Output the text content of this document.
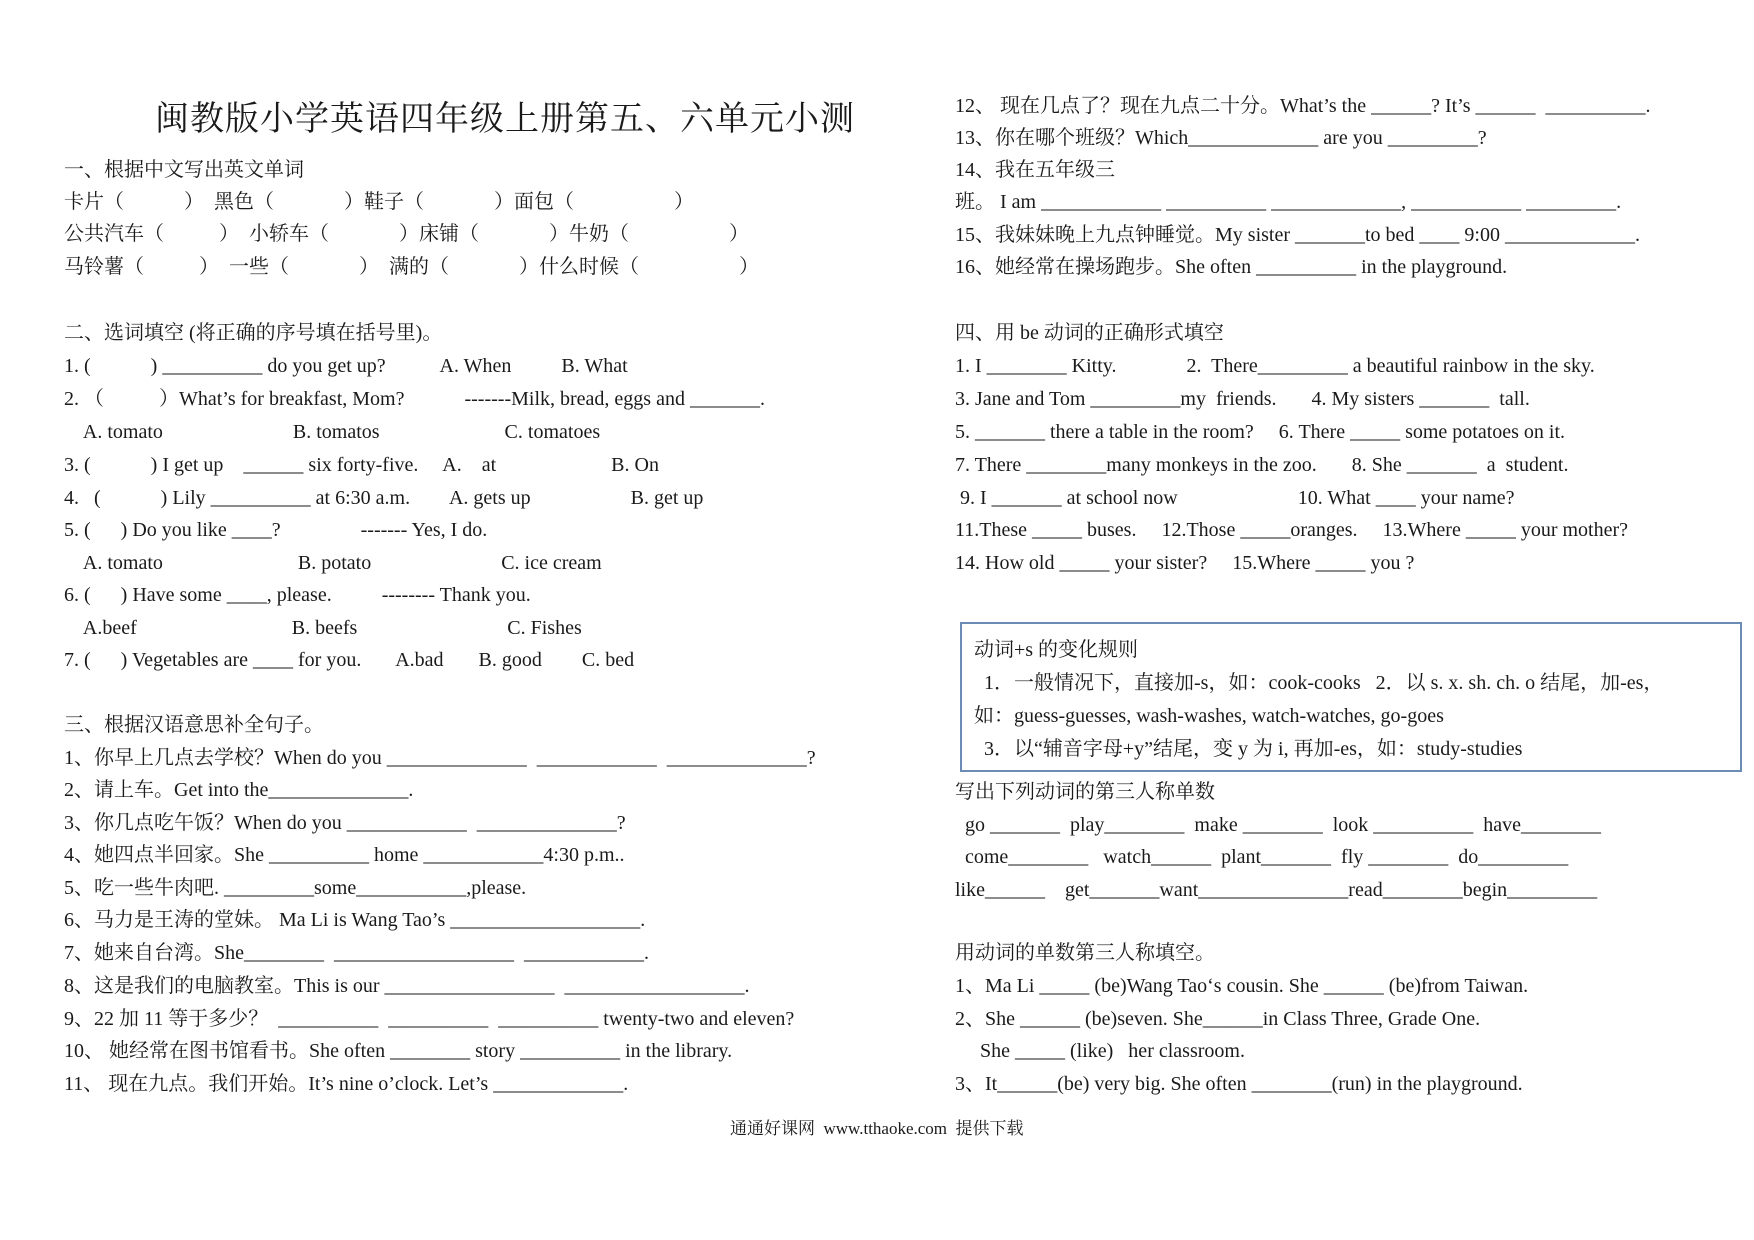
闽教版小学英语四年级上册第五、六单元小测
一、根据中文写出英文单词
卡片（            ）  黑色（              ）鞋子（              ）面包（                    ）
公共汽车（           ）  小轿车（              ）床铺（              ）牛奶（                    ）
马铃薯（           ）  一些（              ）  满的（              ）什么时候（                    ）
二、选词填空 (将正确的序号填在括号里)。
1. (            ) __________ do you get up?           A. When          B. What
2. （           ）What’s for breakfast, Mom?            -------Milk, bread, eggs and _______.
A. tomato                          B. tomatos                         C. tomatoes
3. (            ) I get up    ______ six forty-five.     A.    at                       B. On
4.   (            ) Lily __________ at 6:30 a.m.        A. gets up                    B. get up
5. (      ) Do you like ____?                ------- Yes, I do.
A. tomato                           B. potato                          C. ice cream
6. (      ) Have some ____, please.          -------- Thank you.
A.beef                               B. beefs                              C. Fishes
7. (      ) Vegetables are ____ for you.       A.bad       B. good        C. bed
三、根据汉语意思补全句子。
1、你早上几点去学校？When do you ______________  ____________  ______________?
2、请上车。Get into the______________.
3、你几点吃午饭？When do you ____________  ______________?
4、她四点半回家。She __________ home ____________4:30 p.m..
5、吃一些牛肉吧. _________some___________,please.
6、马力是王涛的堂妹。 Ma Li is Wang Tao’s ___________________.
7、她来自台湾。She________  __________________  ____________.
8、这是我们的电脑教室。This is our _________________  __________________.
9、22 加 11 等于多少？  __________  __________  __________ twenty-two and eleven?
10、 她经常在图书馆看书。She often ________ story __________ in the library.
11、 现在九点。我们开始。It’s nine o’clock. Let’s _____________.
12、 现在几点了？现在九点二十分。What’s the ______? It’s ______  __________.
13、你在哪个班级？Which_____________ are you _________?
14、我在五年级三
班。 I am ____________ __________ _____________, ___________ _________.
15、我妹妹晚上九点钟睡觉。My sister _______to bed ____ 9:00 _____________.
16、她经常在操场跑步。She often __________ in the playground.
四、用 be 动词的正确形式填空
1. I ________ Kitty.              2.  There_________ a beautiful rainbow in the sky.
3. Jane and Tom _________my  friends.       4. My sisters _______  tall.
5. _______ there a table in the room?     6. There _____ some potatoes on it.
7. There ________many monkeys in the zoo.       8. She _______  a  student.
9. I _______ at school now                        10. What ____ your name?
11.These _____ buses.     12.Those _____oranges.     13.Where _____ your mother?
14. How old _____ your sister?     15.Where _____ you ?
动词+s 的变化规则
1．一般情况下，直接加-s，如：cook-cooks   2．以 s. x. sh. ch. o 结尾，加-es，
如：guess-guesses, wash-washes, watch-watches, go-goes
3．以“辅音字母+y”结尾，变 y 为 i, 再加-es，如：study-studies
写出下列动词的第三人称单数
go _______  play________  make ________  look __________  have________
come________   watch______  plant_______  fly ________  do_________
like______    get_______want_______________read________begin_________
用动词的单数第三人称填空。
1、Ma Li _____ (be)Wang Tao‘s cousin. She ______ (be)from Taiwan.
2、She ______ (be)seven. She______in Class Three, Grade One.
She _____ (like)   her classroom.
3、It______(be) very big. She often ________(run) in the playground.
通通好课网  www.tthaoke.com  提供下载
